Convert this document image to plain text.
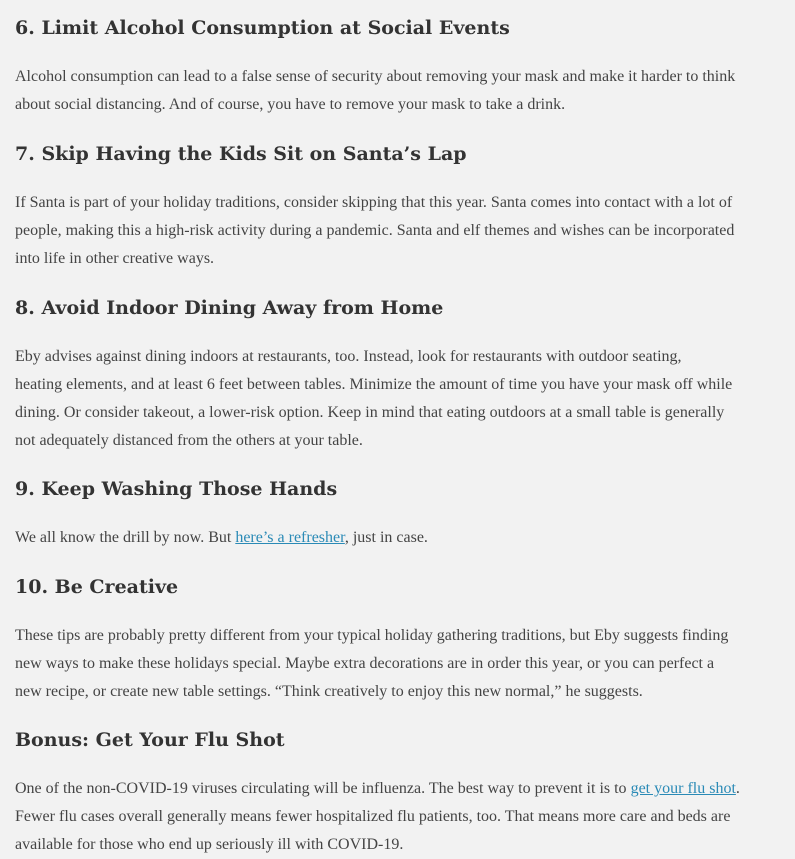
6. Limit Alcohol Consumption at Social Events

Alcohol consumption can lead to a false sense of security about removing your mask and make it harder to think
about social distancing. And of course, you have to remove your mask to take a drink.

7. Skip Having the Kids Sit on Santa’s Lap

If Santa is part of your holiday traditions, consider skipping that this year. Santa comes into contact with a lot of
people, making this a high-risk activity during a pandemic. Santa and elf themes and wishes can be incorporated
into life in other creative ways.

8. Avoid Indoor Dining Away from Home

Eby advises against dining indoors at restaurants, too. Instead, look for restaurants with outdoor seating,
heating elements, and at least 6 feet between tables. Minimize the amount of time you have your mask off while
dining. Or consider takeout, a lower-risk option. Keep in mind that eating outdoors at a small table is generally
not adequately distanced from the others at your table.

9. Keep Washing Those Hands

We all know the drill by now. But here’s a refresher, just in case.

10. Be Creative

These tips are probably pretty different from your typical holiday gathering traditions, but Eby suggests finding
new ways to make these holidays special. Maybe extra decorations are in order this year, or you can perfect a
new recipe, or create new table settings. “Think creatively to enjoy this new normal,” he suggests.

Bonus: Get Your Flu Shot

One of the non-COVID-19 viruses circulating will be influenza. The best way to prevent it is to get your flu shot.
Fewer flu cases overall generally means fewer hospitalized flu patients, too. That means more care and beds are
available for those who end up seriously ill with COVID-19.
